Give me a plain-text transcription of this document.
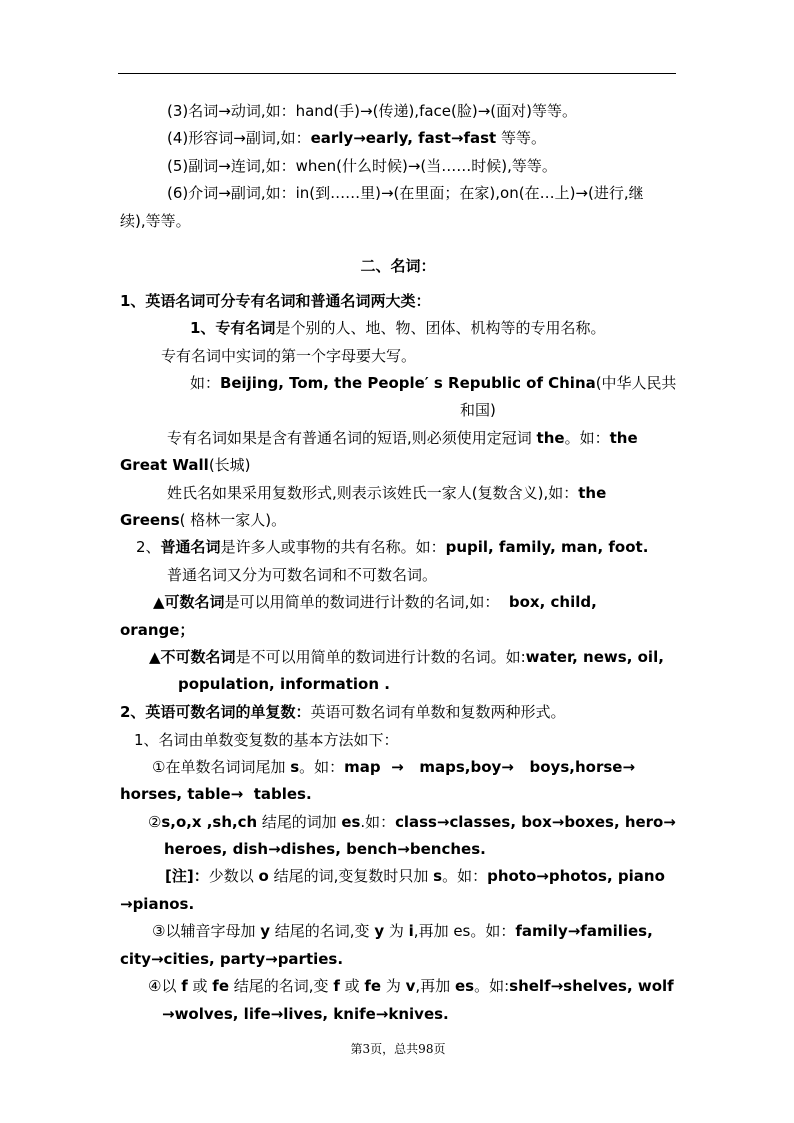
(3)名词→动词,如：hand(手)→(传递),face(脸)→(面对)等等。
(4)形容词→副词,如：early→early, fast→fast 等等。
(5)副词→连词,如：when(什么时候)→(当……时候),等等。
(6)介词→副词,如：in(到……里)→(在里面；在家),on(在…上)→(进行,继
续),等等。
二、名词：
1、英语名词可分专有名词和普通名词两大类：
1、专有名词是个别的人、地、物、团体、机构等的专用名称。
专有名词中实词的第一个字母要大写。
如：Beijing, Tom, the People′ s Republic of China(中华人民共
和国)
专有名词如果是含有普通名词的短语,则必须使用定冠词 the。如：the
Great Wall(长城)
姓氏名如果采用复数形式,则表示该姓氏一家人(复数含义),如：the
Greens( 格林一家人)。
2、普通名词是许多人或事物的共有名称。如：pupil, family, man, foot.
普通名词又分为可数名词和不可数名词。
▲可数名词是可以用简单的数词进行计数的名词,如：  box, child,
orange；
▲不可数名词是不可以用简单的数词进行计数的名词。如:water, news, oil,
population, information .
2、英语可数名词的单复数：英语可数名词有单数和复数两种形式。
1、名词由单数变复数的基本方法如下：
①在单数名词词尾加 s。如：map  →   maps,boy→   boys,horse→
horses, table→  tables.
②s,o,x ,sh,ch 结尾的词加 es.如：class→classes, box→boxes, hero→
heroes, dish→dishes, bench→benches.
[注]：少数以 o 结尾的词,变复数时只加 s。如：photo→photos, piano
→pianos.
③以辅音字母加 y 结尾的名词,变 y 为 i,再加 es。如：family→families,
city→cities, party→parties.
④以 f 或 fe 结尾的名词,变 f 或 fe 为 v,再加 es。如:shelf→shelves, wolf
→wolves, life→lives, knife→knives.
第3页，总共98页
